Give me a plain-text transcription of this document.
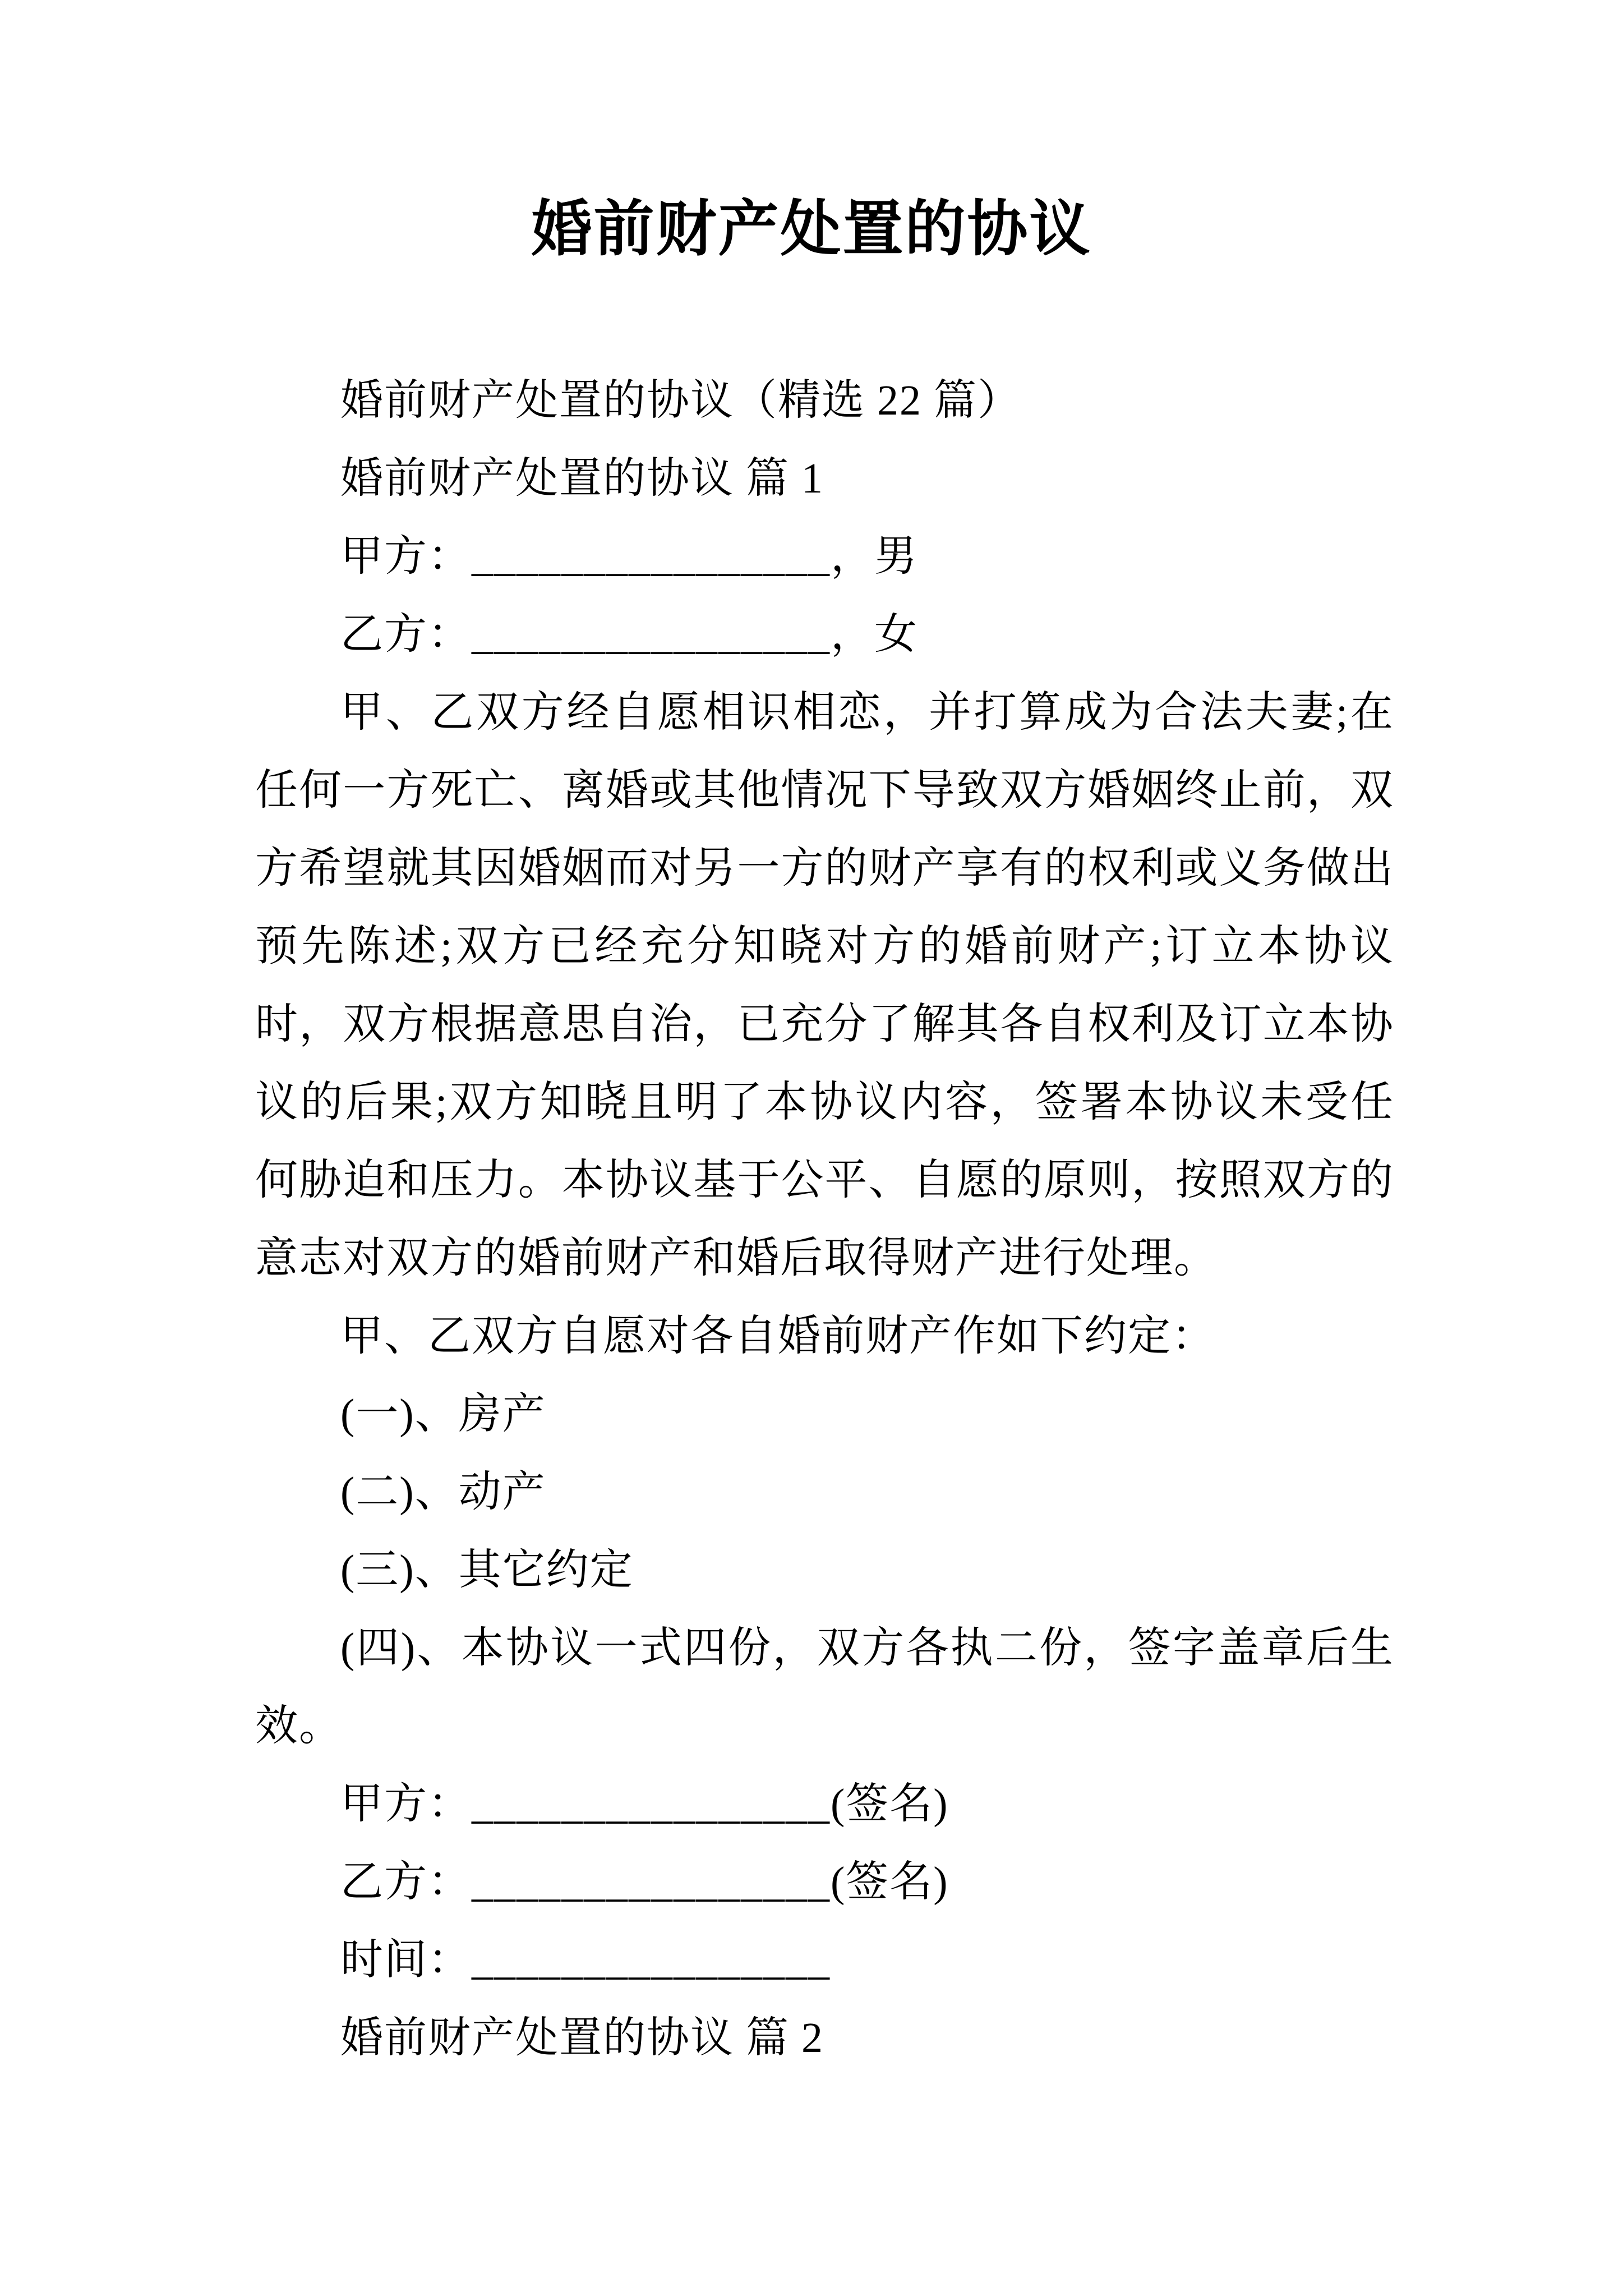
婚前财产处置的协议

婚前财产处置的协议（精选 22 篇）

婚前财产处置的协议 篇 1

甲方：________________，男

乙方：________________，女

甲、乙双方经自愿相识相恋，并打算成为合法夫妻;在任何一方死亡、离婚或其他情况下导致双方婚姻终止前，双方希望就其因婚姻而对另一方的财产享有的权利或义务做出预先陈述;双方已经充分知晓对方的婚前财产;订立本协议时，双方根据意思自治，已充分了解其各自权利及订立本协议的后果;双方知晓且明了本协议内容，签署本协议未受任何胁迫和压力。本协议基于公平、自愿的原则，按照双方的意志对双方的婚前财产和婚后取得财产进行处理。

甲、乙双方自愿对各自婚前财产作如下约定：

(一)、房产

(二)、动产

(三)、其它约定

(四)、本协议一式四份，双方各执二份，签字盖章后生效。

甲方：________________(签名)

乙方：________________(签名)

时间：________________

婚前财产处置的协议 篇 2
